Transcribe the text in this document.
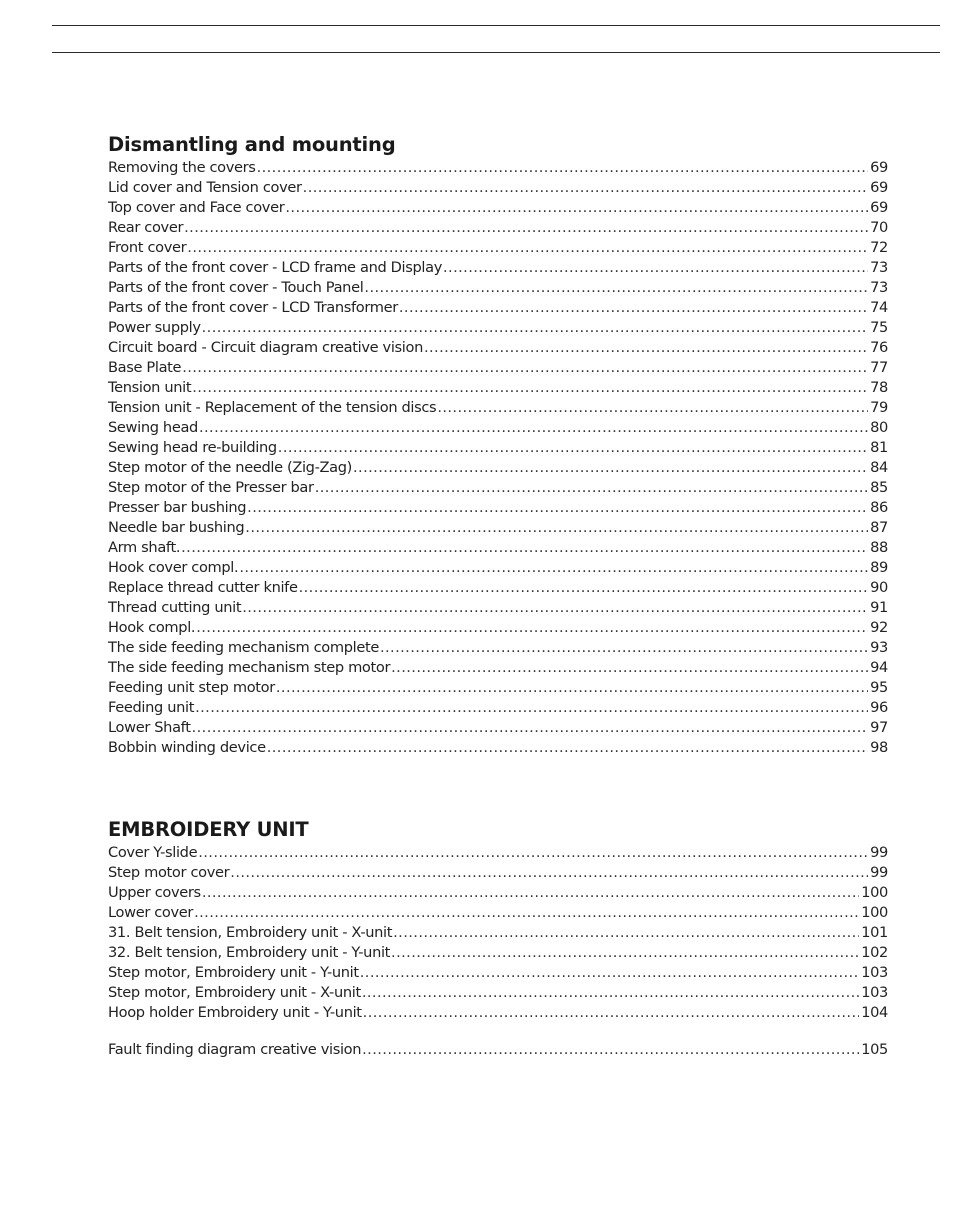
Dismantling and mounting
Removing the covers .....	69
Lid cover and Tension cover .....	69
Top cover and Face cover .....	69
Rear cover .....	70
Front cover .....	72
Parts of the front cover - LCD frame and Display .....	73
Parts of the front cover - Touch Panel .....	73
Parts of the front cover - LCD Transformer .....	74
Power supply .....	75
Circuit board - Circuit diagram creative vision .....	76
Base Plate .....	77
Tension unit .....	78
Tension unit - Replacement of the tension discs .....	79
Sewing head .....	80
Sewing head re-building .....	81
Step motor of the needle (Zig-Zag) .....	84
Step motor of the Presser bar .....	85
Presser bar bushing .....	86
Needle bar bushing .....	87
Arm shaft. .....	88
Hook cover compl. .....	89
Replace thread cutter knife .....	90
Thread cutting unit .....	91
Hook compl. .....	92
The side feeding mechanism complete .....	93
The side feeding mechanism step motor .....	94
Feeding unit step motor .....	95
Feeding unit .....	96
Lower Shaft .....	97
Bobbin winding device .....	98
EMBROIDERY UNIT
Cover Y-slide .....	99
Step motor cover .....	99
Upper covers .....	100
Lower cover .....	100
31. Belt tension, Embroidery unit - X-unit .....	101
32. Belt tension, Embroidery unit - Y-unit .....	102
Step motor, Embroidery unit - Y-unit .....	103
Step motor, Embroidery unit - X-unit .....	103
Hoop holder Embroidery unit - Y-unit .....	104
Fault finding diagram creative vision .....	105
